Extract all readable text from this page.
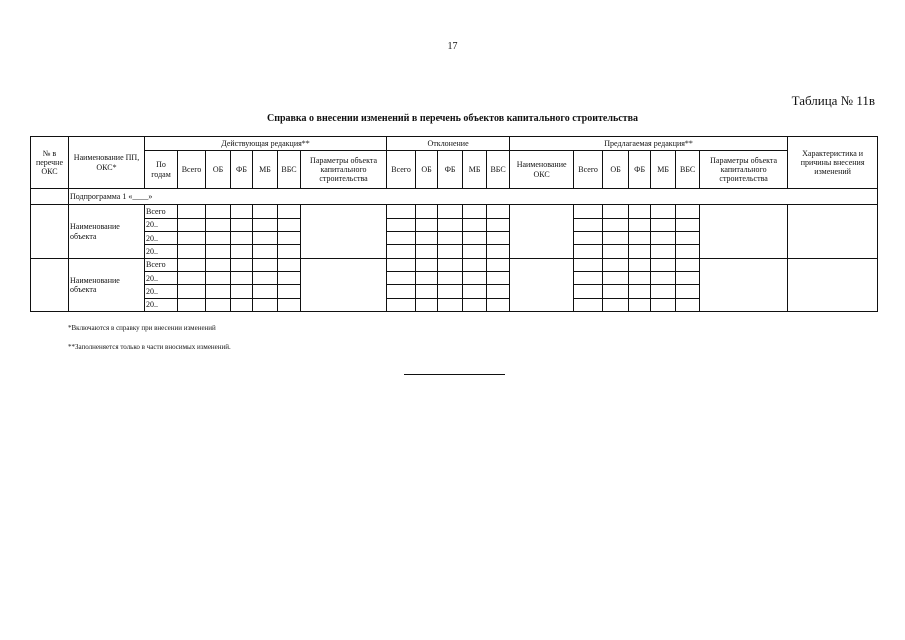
17
Таблица № 11в
Справка о внесении изменений в перечень объектов капитального строительства
№ в перечне ОКС	Наименование ПП, ОКС*	Действующая редакция**							Отклонение					Предлагаемая редакция**							Характеристика и причины внесения изменений
		По годам	Всего	ОБ	ФБ	МБ	ВБС	Параметры объекта капитального строительства	Всего	ОБ	ФБ	МБ	ВБС	Наименование ОКС	Всего	ОБ	ФБ	МБ	ВБС	Параметры объекта капитального строительства	
	Подпрограмма 1 «____»																				
	Наименование объекта	Всего																			
		20..																			
		20..																			
		20..																			
	Наименование объекта	Всего																			
		20..																			
		20..																			
		20..																			
*Включаются в справку при внесении изменений
**Заполненяется только в части вносимых изменений.
